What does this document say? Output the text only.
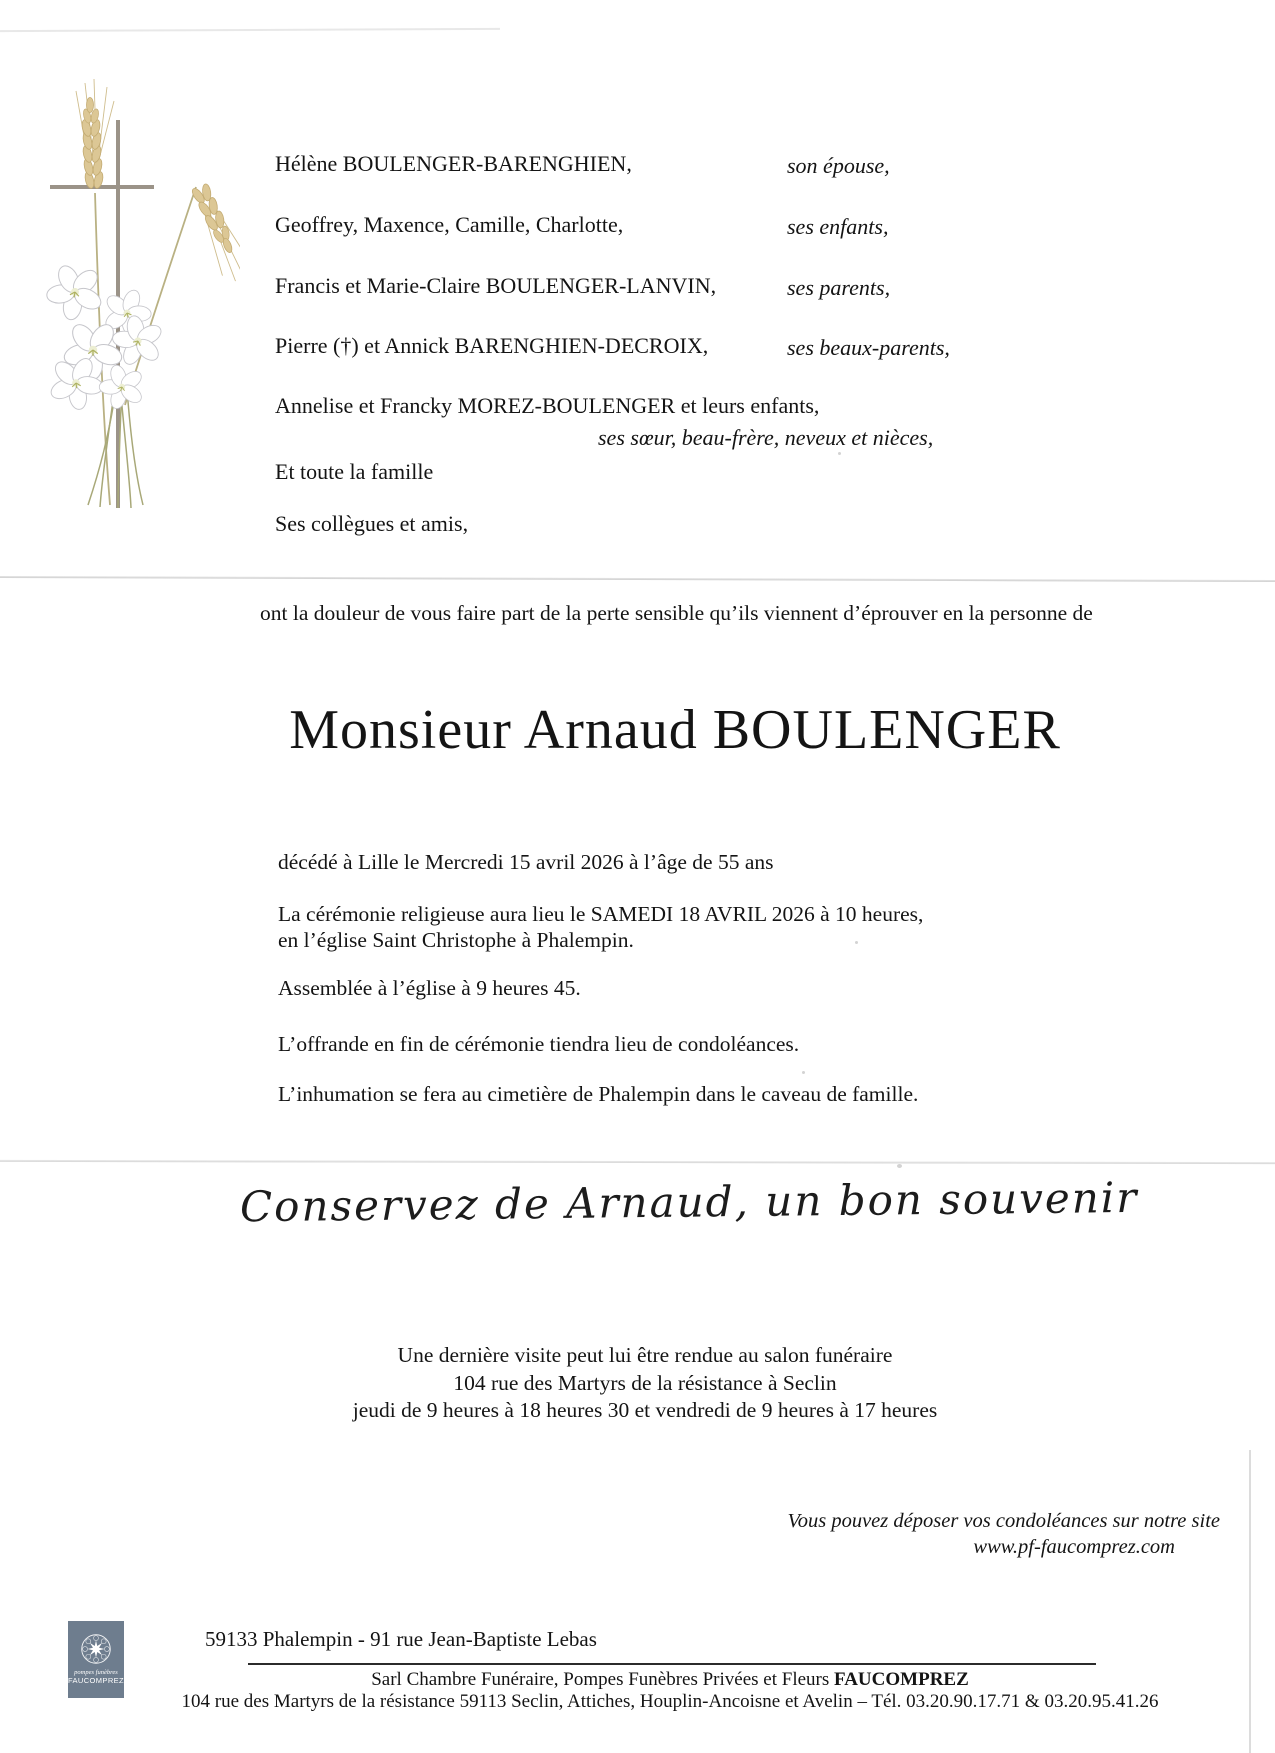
Hélène BOULENGER-BARENGHIEN,	son épouse,
Geoffrey, Maxence, Camille, Charlotte,	ses enfants,
Francis et Marie-Claire BOULENGER-LANVIN,	ses parents,
Pierre (†) et Annick BARENGHIEN-DECROIX,	ses beaux-parents,
Annelise et Francky MOREZ-BOULENGER et leurs enfants,
ses sœur, beau-frère, neveux et nièces,
Et toute la famille
Ses collègues et amis,
ont la douleur de vous faire part de la perte sensible qu’ils viennent d’éprouver en la personne de
Monsieur Arnaud BOULENGER
décédé à Lille le Mercredi 15 avril 2026 à l’âge de 55 ans
La cérémonie religieuse aura lieu le SAMEDI 18 AVRIL 2026 à 10 heures,
en l’église Saint Christophe à Phalempin.
Assemblée à l’église à 9 heures 45.
L’offrande en fin de cérémonie tiendra lieu de condoléances.
L’inhumation se fera au cimetière de Phalempin dans le caveau de famille.
Conservez de Arnaud, un bon souvenir
Une dernière visite peut lui être rendue au salon funéraire
104 rue des Martyrs de la résistance à Seclin
jeudi de 9 heures à 18 heures 30 et vendredi de 9 heures à 17 heures
Vous pouvez déposer vos condoléances sur notre site
www.pf-faucomprez.com
pompes funèbres
FAUCOMPREZ
59133 Phalempin - 91 rue Jean-Baptiste Lebas
Sarl Chambre Funéraire, Pompes Funèbres Privées et Fleurs FAUCOMPREZ
104 rue des Martyrs de la résistance 59113 Seclin, Attiches, Houplin-Ancoisne et Avelin – Tél. 03.20.90.17.71 & 03.20.95.41.26
